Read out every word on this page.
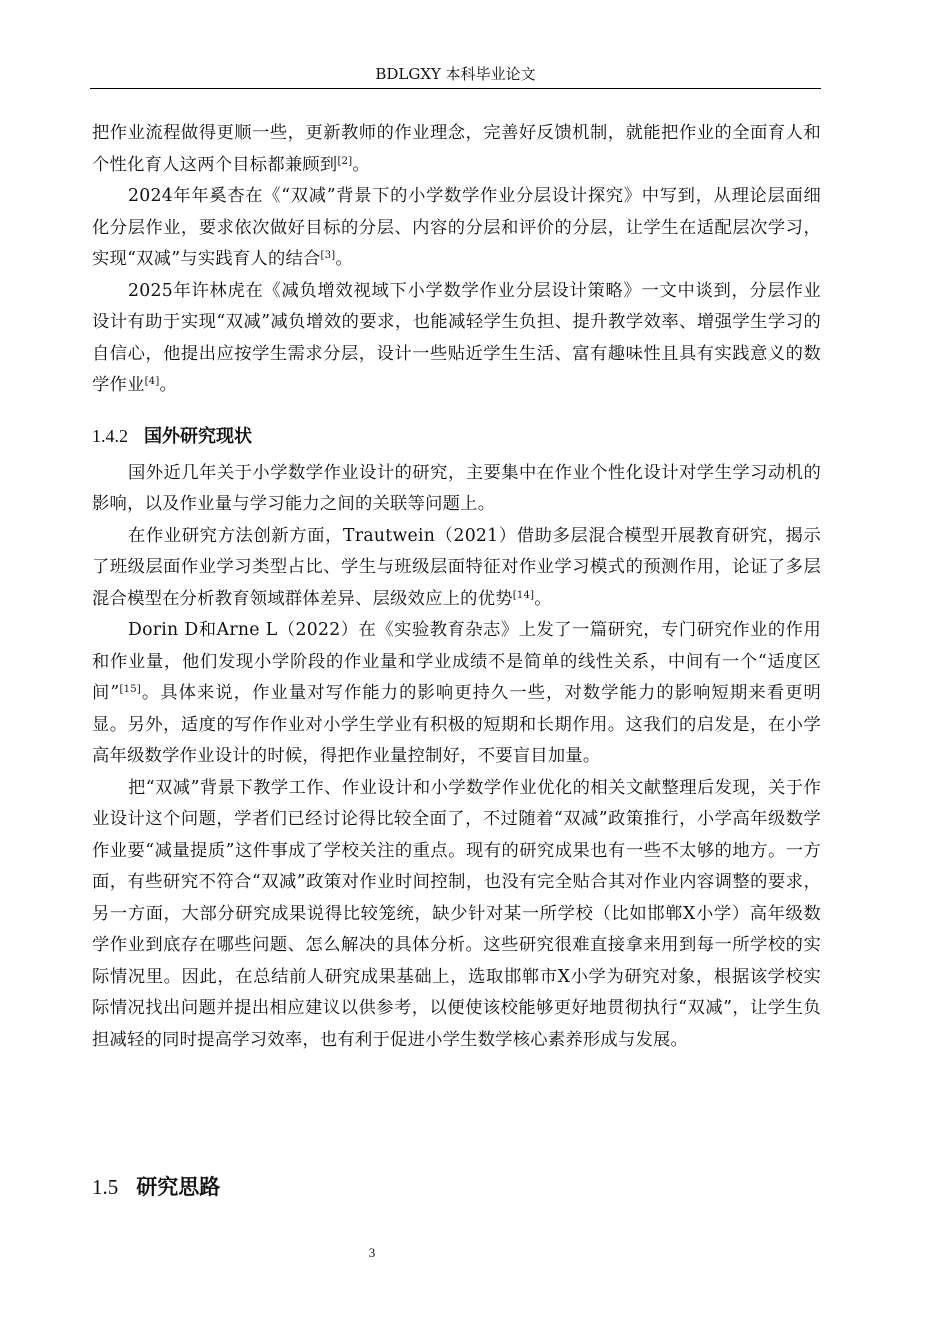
BDLGXY 本科毕业论文

把作业流程做得更顺一些，更新教师的作业理念，完善好反馈机制，就能把作业的全面育人和个性化育人这两个目标都兼顾到[2]。

2024年年奚杏在《“双减”背景下的小学数学作业分层设计探究》中写到，从理论层面细化分层作业，要求依次做好目标的分层、内容的分层和评价的分层，让学生在适配层次学习，实现“双减”与实践育人的结合[3]。

2025年许林虎在《减负增效视域下小学数学作业分层设计策略》一文中谈到，分层作业设计有助于实现“双减”减负增效的要求，也能减轻学生负担、提升教学效率、增强学生学习的自信心，他提出应按学生需求分层，设计一些贴近学生生活、富有趣味性且具有实践意义的数学作业[4]。

1.4.2 国外研究现状

国外近几年关于小学数学作业设计的研究，主要集中在作业个性化设计对学生学习动机的影响，以及作业量与学习能力之间的关联等问题上。

在作业研究方法创新方面，Trautwein（2021）借助多层混合模型开展教育研究，揭示了班级层面作业学习类型占比、学生与班级层面特征对作业学习模式的预测作用，论证了多层混合模型在分析教育领域群体差异、层级效应上的优势[14]。

Dorin D和Arne L（2022）在《实验教育杂志》上发了一篇研究，专门研究作业的作用和作业量，他们发现小学阶段的作业量和学业成绩不是简单的线性关系，中间有一个“适度区间”[15]。具体来说，作业量对写作能力的影响更持久一些，对数学能力的影响短期来看更明显。另外，适度的写作作业对小学生学业有积极的短期和长期作用。这我们的启发是，在小学高年级数学作业设计的时候，得把作业量控制好，不要盲目加量。

把“双减”背景下教学工作、作业设计和小学数学作业优化的相关文献整理后发现，关于作业设计这个问题，学者们已经讨论得比较全面了，不过随着“双减”政策推行，小学高年级数学作业要“减量提质”这件事成了学校关注的重点。现有的研究成果也有一些不太够的地方。一方面，有些研究不符合“双减”政策对作业时间控制，也没有完全贴合其对作业内容调整的要求，另一方面，大部分研究成果说得比较笼统，缺少针对某一所学校（比如邯郸X小学）高年级数学作业到底存在哪些问题、怎么解决的具体分析。这些研究很难直接拿来用到每一所学校的实际情况里。因此，在总结前人研究成果基础上，选取邯郸市X小学为研究对象，根据该学校实际情况找出问题并提出相应建议以供参考，以便使该校能够更好地贯彻执行“双减”，让学生负担减轻的同时提高学习效率，也有利于促进小学生数学核心素养形成与发展。

1.5 研究思路
3
